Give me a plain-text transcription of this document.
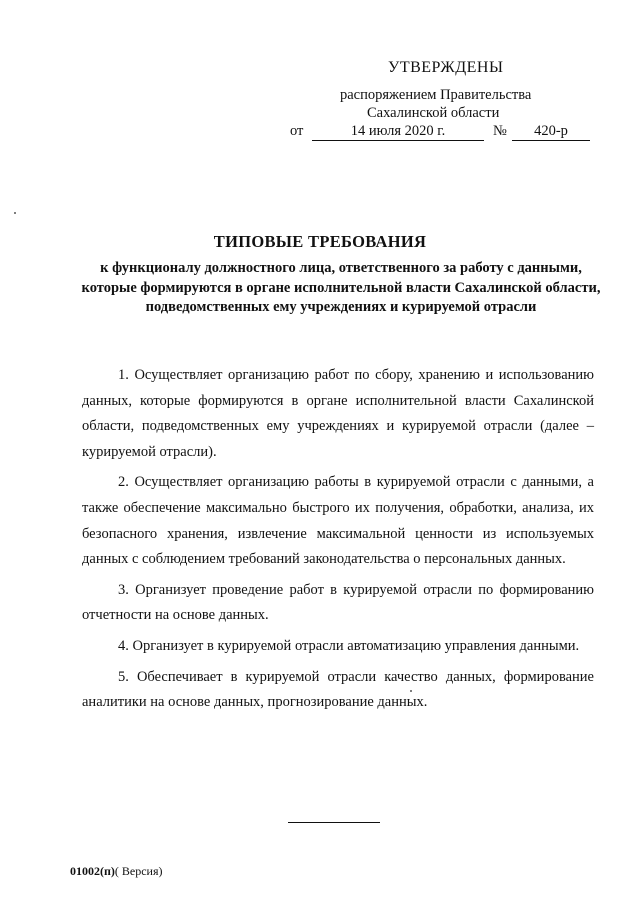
УТВЕРЖДЕНЫ
распоряжением Правительства
Сахалинской области
от	14 июля 2020 г.	№	420-р
ТИПОВЫЕ ТРЕБОВАНИЯ
к функционалу должностного лица, ответственного за работу с данными, которые формируются в органе исполнительной власти Сахалинской области, подведомственных ему учреждениях и курируемой отрасли

1. Осуществляет организацию работ по сбору, хранению и использованию данных, которые формируются в органе исполнительной власти Сахалинской области, подведомственных ему учреждениях и курируемой отрасли (далее – курируемой отрасли).

2. Осуществляет организацию работы в курируемой отрасли с данными, а также обеспечение максимально быстрого их получения, обработки, анализа, их безопасного хранения, извлечение максимальной ценности из используемых данных с соблюдением требований законодательства о персональных данных.

3. Организует проведение работ в курируемой отрасли по формированию отчетности на основе данных.

4. Организует в курируемой отрасли автоматизацию управления данными.

5. Обеспечивает в курируемой отрасли качество данных, формирование аналитики на основе данных, прогнозирование данных.

01002(п)( Версия)
